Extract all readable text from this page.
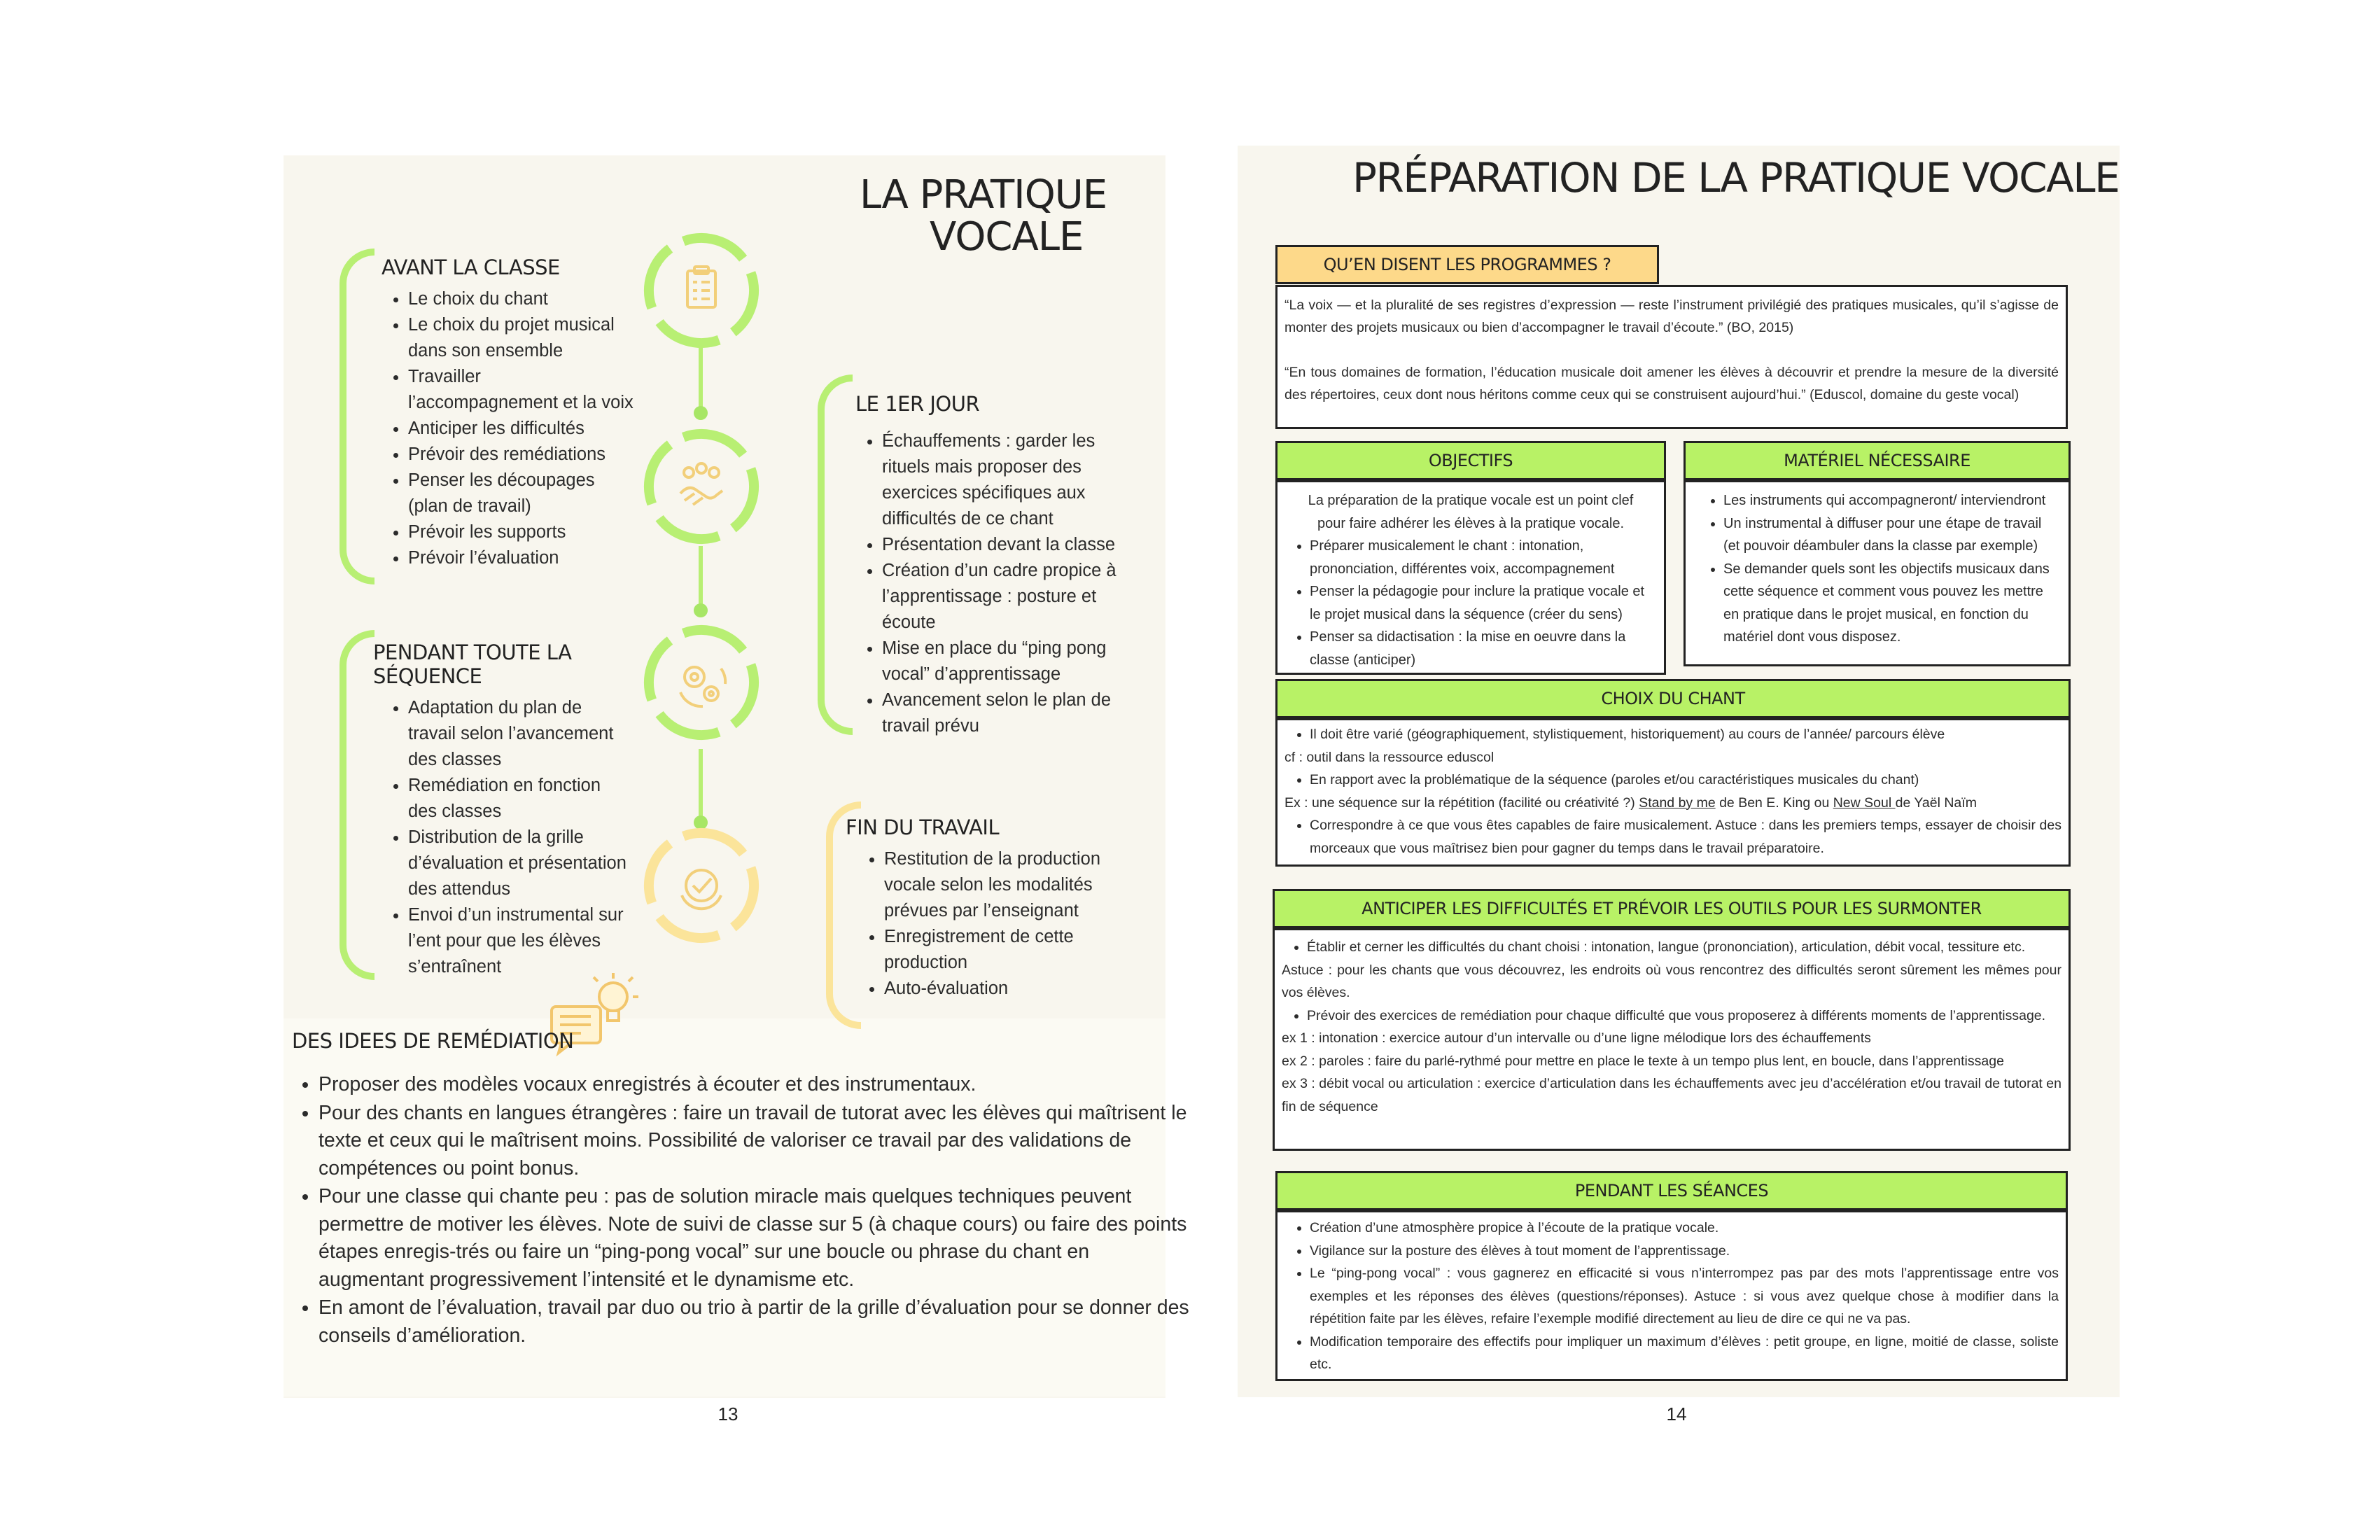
LA PRATIQUE
VOCALE
AVANT LA CLASSE
• Le choix du chant
• Le choix du projet musical dans son ensemble
• Travailler l’accompagnement et la voix
• Anticiper les difficultés
• Prévoir des remédiations
• Penser les découpages (plan de travail)
• Prévoir les supports
• Prévoir l’évaluation
LE 1ER JOUR
• Échauffements : garder les rituels mais proposer des exercices spécifiques aux difficultés de ce chant
• Présentation devant la classe
• Création d’un cadre propice à l’apprentissage : posture et écoute
• Mise en place du “ping pong vocal” d’apprentissage
• Avancement selon le plan de travail prévu
PENDANT TOUTE LA SÉQUENCE
• Adaptation du plan de travail selon l’avancement des classes
• Remédiation en fonction des classes
• Distribution de la grille d’évaluation et présentation des attendus
• Envoi d’un instrumental sur l’ent pour que les élèves s’entraînent
FIN DU TRAVAIL
• Restitution de la production vocale selon les modalités prévues par l’enseignant
• Enregistrement de cette production
• Auto-évaluation
DES IDEES DE REMÉDIATION
• Proposer des modèles vocaux enregistrés à écouter et des instrumentaux.
• Pour des chants en langues étrangères : faire un travail de tutorat avec les élèves qui maîtrisent le texte et ceux qui le maîtrisent moins. Possibilité de valoriser ce travail par des validations de compétences ou point bonus.
• Pour une classe qui chante peu : pas de solution miracle mais quelques techniques peuvent permettre de motiver les élèves. Note de suivi de classe sur 5 (à chaque cours) ou faire des points étapes enregis-trés ou faire un “ping-pong vocal” sur une boucle ou phrase du chant en augmentant progressivement l’intensité et le dynamisme etc.
• En amont de l’évaluation, travail par duo ou trio à partir de la grille d’évaluation pour se donner des conseils d’amélioration.
13
PRÉPARATION DE LA PRATIQUE VOCALE
QU’EN DISENT LES PROGRAMMES ?

“La voix — et la pluralité de ses registres d’expression — reste l’instrument privilégié des pratiques musicales, qu’il s’agisse de monter des projets musicaux ou bien d’accompagner le travail d’écoute.” (BO, 2015)

“En tous domaines de formation, l’éducation musicale doit amener les élèves à découvrir et prendre la mesure de la diversité des répertoires, ceux dont nous héritons comme ceux qui se construisent aujourd’hui.” (Eduscol, domaine du geste vocal)

OBJECTIFS

La préparation de la pratique vocale est un point clef pour faire adhérer les élèves à la pratique vocale.

• Préparer musicalement le chant : intonation, prononciation, différentes voix, accompagnement
• Penser la pédagogie pour inclure la pratique vocale et le projet musical dans la séquence (créer du sens)
• Penser sa didactisation : la mise en oeuvre dans la classe (anticiper)
MATÉRIEL NÉCESSAIRE
• Les instruments qui accompagneront/ interviendront
• Un instrumental à diffuser pour une étape de travail (et pouvoir déambuler dans la classe par exemple)
• Se demander quels sont les objectifs musicaux dans cette séquence et comment vous pouvez les mettre en pratique dans le projet musical, en fonction du matériel dont vous disposez.
CHOIX DU CHANT
• Il doit être varié (géographiquement, stylistiquement, historiquement) au cours de l’année/ parcours élève

cf : outil dans la ressource eduscol

• En rapport avec la problématique de la séquence (paroles et/ou caractéristiques musicales du chant)

Ex : une séquence sur la répétition (facilité ou créativité ?) Stand by me de Ben E. King ou New Soul de Yaël Naïm

• Correspondre à ce que vous êtes capables de faire musicalement. Astuce : dans les premiers temps, essayer de choisir des morceaux que vous maîtrisez bien pour gagner du temps dans le travail préparatoire.
ANTICIPER LES DIFFICULTÉS ET PRÉVOIR LES OUTILS POUR LES SURMONTER
• Établir et cerner les difficultés du chant choisi : intonation, langue (prononciation), articulation, débit vocal, tessiture etc.

Astuce : pour les chants que vous découvrez, les endroits où vous rencontrez des difficultés seront sûrement les mêmes pour vos élèves.

• Prévoir des exercices de remédiation pour chaque difficulté que vous proposerez à différents moments de l’apprentissage.

ex 1 : intonation : exercice autour d’un intervalle ou d’une ligne mélodique lors des échauffements

ex 2 : paroles : faire du parlé-rythmé pour mettre en place le texte à un tempo plus lent, en boucle, dans l’apprentissage

ex 3 : débit vocal ou articulation : exercice d’articulation dans les échauffements avec jeu d’accélération et/ou travail de tutorat en fin de séquence

PENDANT LES SÉANCES
• Création d’une atmosphère propice à l’écoute de la pratique vocale.
• Vigilance sur la posture des élèves à tout moment de l’apprentissage.
• Le “ping-pong vocal” : vous gagnerez en efficacité si vous n’interrompez pas par des mots l’apprentissage entre vos exemples et les réponses des élèves (questions/réponses). Astuce : si vous avez quelque chose à modifier dans la répétition faite par les élèves, refaire l’exemple modifié directement au lieu de dire ce qui ne va pas.
• Modification temporaire des effectifs pour impliquer un maximum d’élèves : petit groupe, en ligne, moitié de classe, soliste etc.
14
